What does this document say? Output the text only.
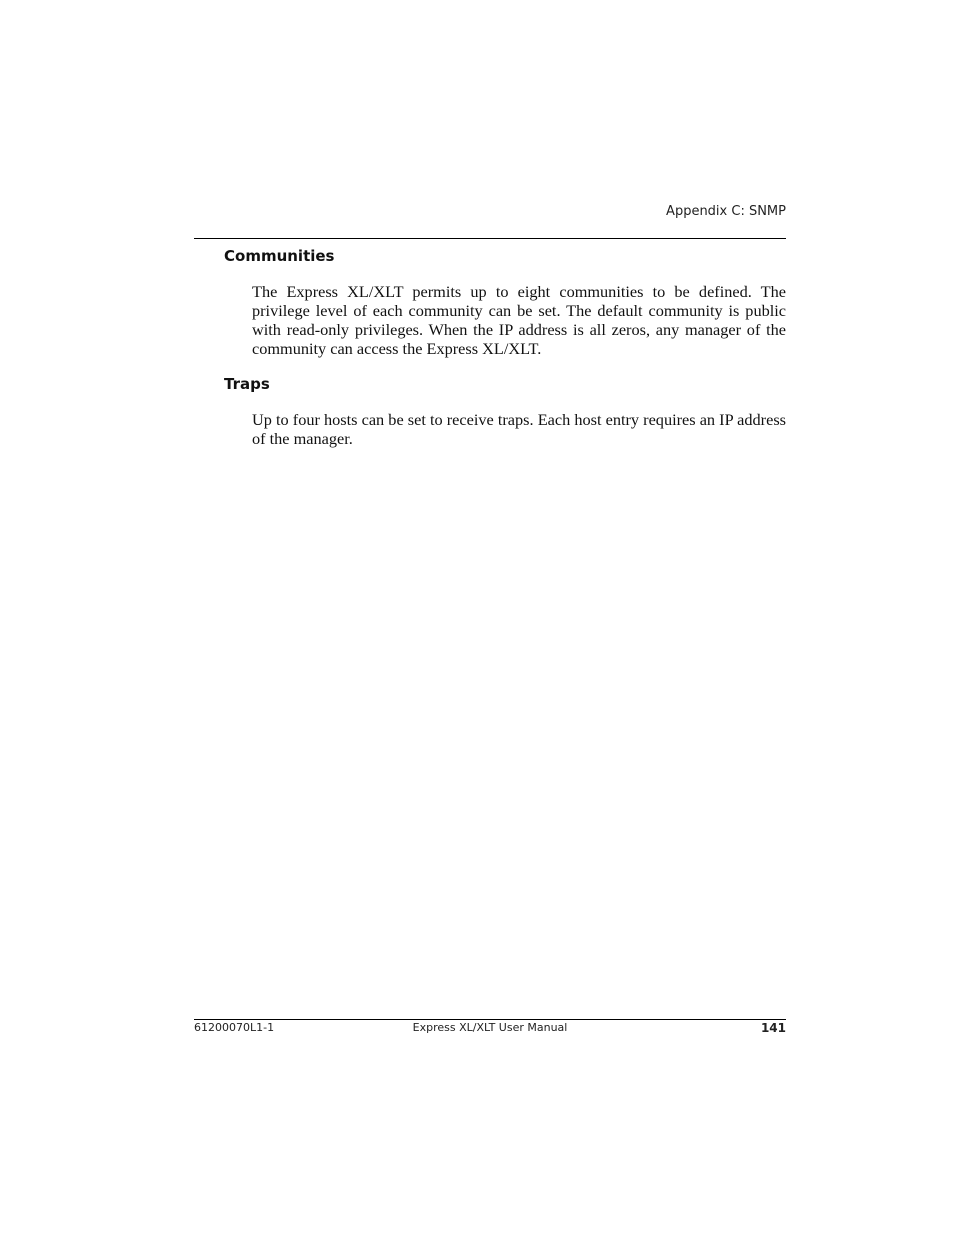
Appendix C: SNMP
Communities

The Express XL/XLT permits up to eight communities to be defined. The privilege level of each community can be set. The default community is public with read-only privileges. When the IP address is all zeros, any manager of the community can access the Express XL/XLT.

Traps

Up to four hosts can be set to receive traps. Each host entry requires an IP address of the manager.

61200070L1-1	Express XL/XLT User Manual	141
